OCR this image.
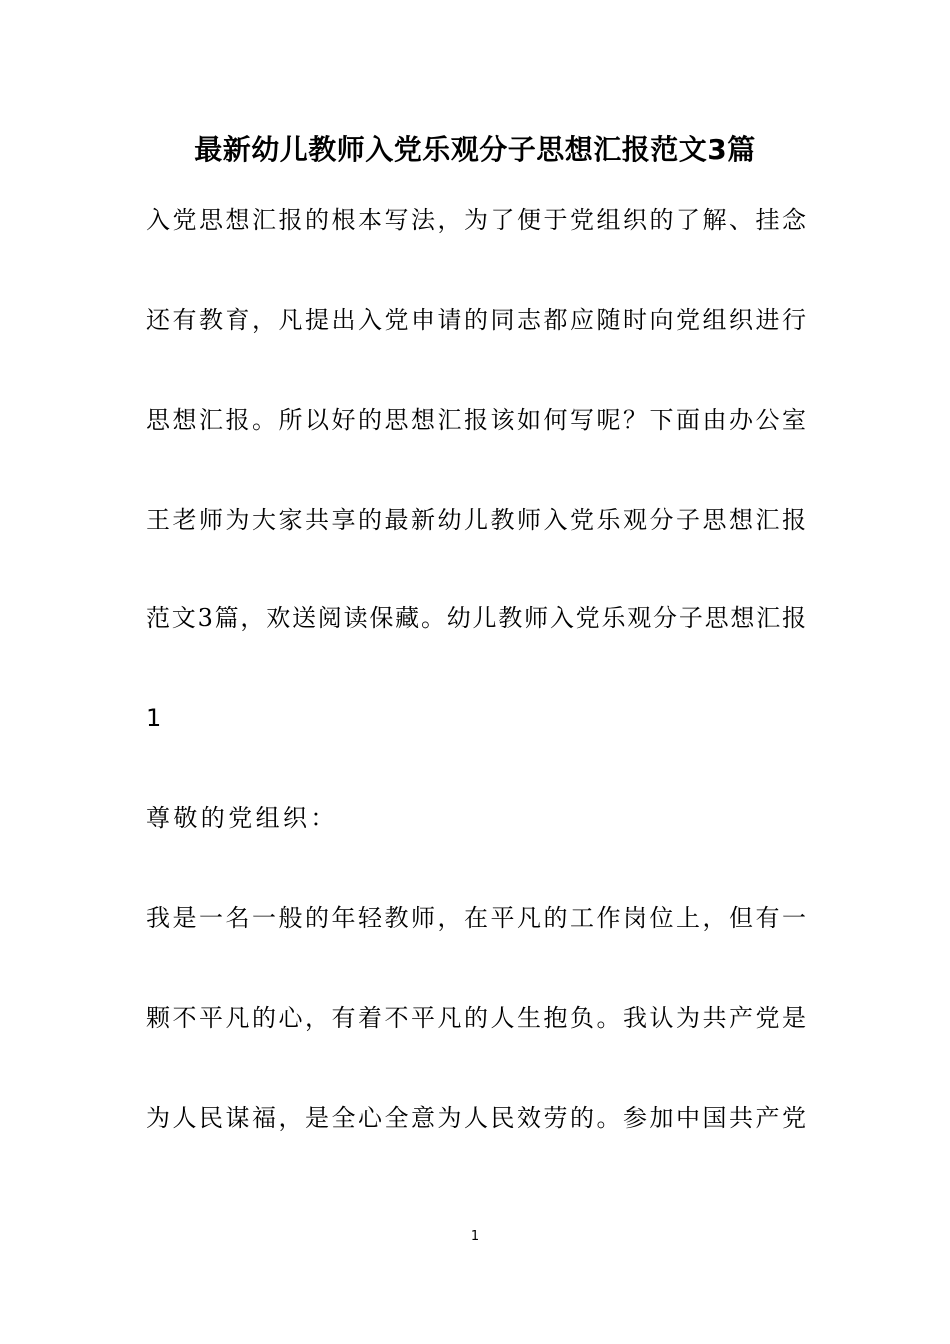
最新幼儿教师入党乐观分子思想汇报范文3篇
入党思想汇报的根本写法，为了便于党组织的了解、挂念
还有教育，凡提出入党申请的同志都应随时向党组织进行
思想汇报。所以好的思想汇报该如何写呢？下面由办公室
王老师为大家共享的最新幼儿教师入党乐观分子思想汇报
范文3篇，欢送阅读保藏。幼儿教师入党乐观分子思想汇报
1
尊敬的党组织：
我是一名一般的年轻教师，在平凡的工作岗位上，但有一
颗不平凡的心，有着不平凡的人生抱负。我认为共产党是
为人民谋福，是全心全意为人民效劳的。参加中国共产党
1
